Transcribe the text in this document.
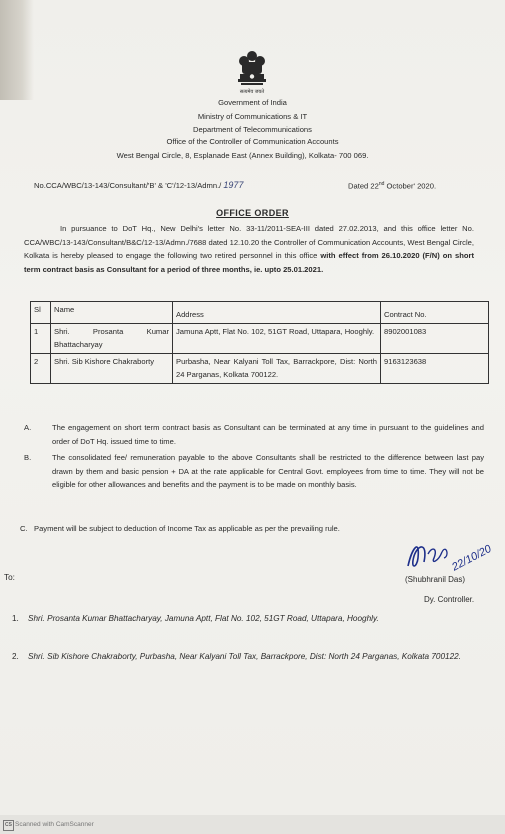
सत्यमेव जयते
Government of India
Ministry of Communications & IT
Department of Telecommunications
Office of the Controller of Communication Accounts
West Bengal Circle, 8, Esplanade East (Annex Building), Kolkata- 700 069.
No.CCA/WBC/13-143/Consultant/'B' & 'C'/12-13/Admn./ 1977	Dated 22nd October' 2020.
OFFICE ORDER
In pursuance to DoT Hq., New Delhi's letter No. 33-11/2011-SEA-III dated 27.02.2013, and this office letter No. CCA/WBC/13-143/Consultant/B&C/12-13/Admn./7688 dated 12.10.20 the Controller of Communication Accounts, West Bengal Circle, Kolkata is hereby pleased to engage the following two retired personnel in this office with effect from 26.10.2020 (F/N) on short term contract basis as Consultant for a period of three months, ie. upto 25.01.2021.
Sl	Name	Address	Contract No.
1	Shri. Prosanta Kumar Bhattacharyay	Jamuna Aptt, Flat No. 102, 51GT Road, Uttapara, Hooghly.	8902001083
2	Shri. Sib Kishore Chakraborty	Purbasha, Near Kalyani Toll Tax, Barrackpore, Dist: North 24 Parganas, Kolkata 700122.	9163123638
A.	The engagement on short term contract basis as Consultant can be terminated at any time in pursuant to the guidelines and order of DoT Hq. issued time to time.
B.	The consolidated fee/ remuneration payable to the above Consultants shall be restricted to the difference between last pay drawn by them and basic pension + DA at the rate applicable for Central Govt. employees from time to time. They will not be eligible for other allowances and benefits and the payment is to be made on monthly basis.
C. Payment will be subject to deduction of Income Tax as applicable as per the prevailing rule.
22/10/20
(Shubhranil Das)
Dy. Controller.
To:
1. Shri. Prosanta Kumar Bhattacharyay, Jamuna Aptt, Flat No. 102, 51GT Road, Uttapara, Hooghly.
2. Shri. Sib Kishore Chakraborty, Purbasha, Near Kalyani Toll Tax, Barrackpore, Dist: North 24 Parganas, Kolkata 700122.
CS Scanned with CamScanner
